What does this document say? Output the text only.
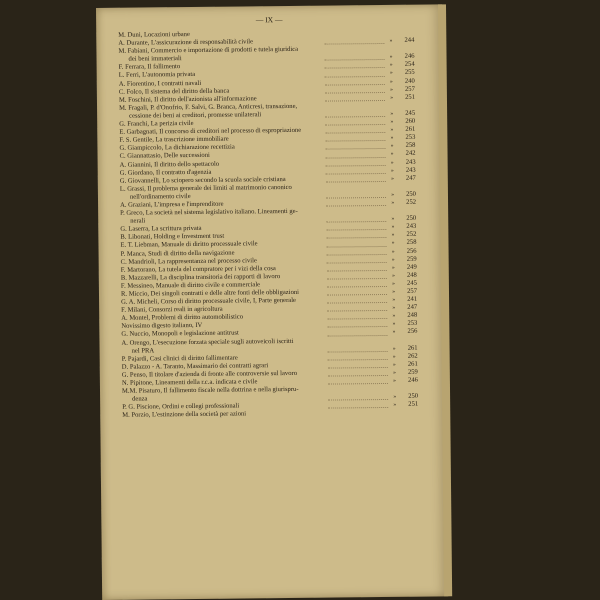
— IX —
M. Duni, Locazioni urbane
A. Durante, L'assicurazione di responsabilità civile	»	244
M. Fabiani, Commercio e importazione di prodotti e tutela giuridica
dei beni immateriali	»	246
F. Ferrara, Il fallimento	»	254
L. Ferri, L'autonomia privata	»	255
A. Fiorentino, I contratti navali	»	240
C. Folco, Il sistema del diritto della banca	»	257
M. Foschini, Il diritto dell'azionista all'informazione	»	251
M. Fragali, P. d'Onofrio, F. Salvi, G. Branca, Anticresi, transazione,
cessione dei beni ai creditori, promesse unilaterali	»	245
G. Franchi, La perizia civile	»	260
E. Garbagnati, Il concorso di creditori nel processo di espropriazione	»	261
F. S. Gentile, La trascrizione immobiliare	»	253
G. Giampiccolo, La dichiarazione recettizia	»	258
C. Giannattasio, Delle successioni	»	242
A. Giannini, Il diritto dello spettacolo	»	243
G. Giordano, Il contratto d'agenzia	»	243
G. Giovannelli, Lo sciopero secondo la scuola sociale cristiana	»	247
L. Grassi, Il problema generale dei limiti al matrimonio canonico
nell'ordinamento civile	»	250
A. Graziani, L'impresa e l'imprenditore	»	252
P. Greco, La società nel sistema legislativo italiano. Lineamenti ge-
nerali	»	250
G. Laserra, La scrittura privata	»	243
B. Libonati, Holding e Investment trust	»	252
E. T. Liebman, Manuale di diritto processuale civile	»	258
P. Manca, Studi di diritto della navigazione	»	256
C. Mandrioli, La rappresentanza nel processo civile	»	259
F. Martorano, La tutela del compratore per i vizi della cosa	»	249
B. Mazzarelli, La disciplina transitoria dei rapporti di lavoro	»	248
F. Messineo, Manuale di diritto civile e commerciale	»	245
R. Miccio, Dei singoli contratti e delle altre fonti delle obbligazioni	»	257
G. A. Micheli, Corso di diritto processuale civile, I, Parte generale	»	241
F. Milani, Consorzi reali in agricoltura	»	247
A. Montel, Problemi di diritto automobilistico	»	248
Novissimo digesto italiano, IV	»	253
G. Nuccio, Monopoli e legislazione antitrust	»	256
A. Orengo, L'esecuzione forzata speciale sugli autoveicoli iscritti
nel PRA	»	261
P. Pajardi, Casi clinici di diritto fallimentare	»	262
D. Palazzo - A. Taranto, Massimario dei contratti agrari	»	261
G. Penso, Il titolare d'azienda di fronte alle controversie sul lavoro	»	259
N. Pipitone, Lineamenti della r.c.a. indicata e civile	»	246
M.M. Pisaturo, Il fallimento fiscale nella dottrina e nella giurispru-
denza	»	250
P. G. Piscione, Ordini e collegi professionali	»	251
M. Porzio, L'estinzione della società per azioni
